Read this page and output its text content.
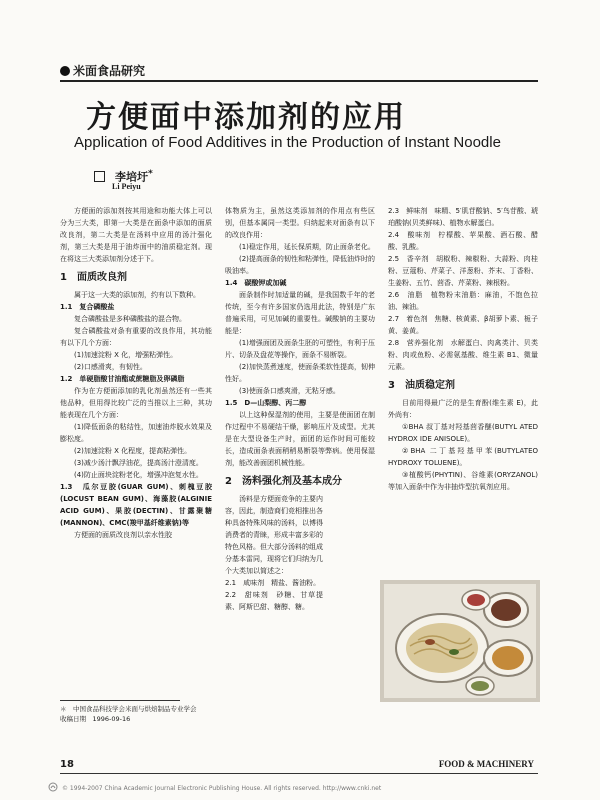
米面食品研究
方便面中添加剂的应用
Application of Food Additives in the Production of Instant Noodle
李培圩*
Li Peiyu

方便面的添加剂按其用途和功能大体上可以分为三大类，即第一大类是在面条中添加的面质改良剂，第二大类是在汤料中应用的汤汁强化剂，第三大类是用于油炸面中的油质稳定剂。现在将这三大类添加剂分述于下。

1　面质改良剂

属于这一大类的添加剂，约有以下数种。

1.1　复合磷酸盐

复合磷酸盐是多种磷酸盐的混合物。

复合磷酸盐对条有重要的改良作用，其功能有以下几个方面：

(1)加速淀粉 X 化，增强粘弹性。

(2)口感滑爽，有韧性。

1.2　单硬脂酸甘油酯或蔗糖脂及卵磷脂

作为在方便面添加的乳化剂虽然还有一些其他品种，但用得比较广泛的当推以上三种，其功能表现在几个方面：

(1)降低面条的粘结性，加速油炸脱水效果及膨松度。

(2)加速淀粉 X 化程度，提高粘弹性。

(3)减少汤汁飘浮油花，提高汤汁澄清度。

(4)防止面块淀粉老化，增强冲泡复水性。

1.3　瓜尔豆胶(GUAR GUM)、刺槐豆胶(LOCUST BEAN GUM)、海藻胶(ALGINIE ACID GUM)、果胶(DECTIN)、甘露聚糖(MANNON)、CMC(羧甲基纤维素钠)等

方便面的面质改良剂以亲水性胶

体物质为主，虽然这类添加剂的作用点有些区别，但基本属同一类型。归纳起来对面条有以下的改良作用：

(1)稳定作用，延长保质期，防止面条老化。

(2)提高面条的韧性和粘弹性，降低油炸时的吸油率。

1.4　碳酸钾或加碱

面条制作时加适量的碱，是我国数千年的老传统，至今有许多国家仍选用此法，特别是广东普遍采用，可见加碱的重要性。碱酸钠的主要功能是：

(1)增强面团及面条生胚的可塑性，有利于压片、切条及盘花等操作，面条不易断裂。

(2)加快蒸煮速度，使面条柔软性提高，韧伸性好。

(3)使面条口感爽滑，无粘牙感。

1.5　D—山梨醇、丙二醇

以上这种保湿剂的使用，主要是使面团在制作过程中不易硬结干燥，影响压片及成型。尤其是在大型设备生产时，面团的运作时间可能较长，造成面条表面稍稍易断裂等弊病。使用保湿剂，能改善面团机械性能。

2　汤料强化剂及基本成分

汤料是方便面竞争的主要内容，因此，制造商们竞相推出各种具备特殊风味的汤料，以博得消费者的青睐，形成丰富多彩的特色风格。但大部分汤料的组成分基本雷同，现将它们归纳为几个大类加以简述之：

2.1　咸味剂　精盐、酱油粉。

2.2　甜味剂　砂糖、甘草提素、阿斯巴甜、糖醇、糖。

2.3　鲜味剂　味精、5′肌苷酸钠、5′鸟苷酸、琥珀酸钠(贝类鲜味)、植物水解蛋白。

2.4　酸味剂　柠檬酸、苹果酸、酒石酸、醋酸、乳酸。

2.5　香辛剂　胡椒粉、辣椒粉、大蒜粉、肉桂粉、豆蔻粉、芹菜子、洋葱粉、芥末、丁香粉、生姜粉、五竹、茴香、芹菜粉、辣根粉。

2.6　油脂　植物粉末油脂：麻油，不饱色拉油、辣油。

2.7　着色剂　焦糖、核黄素、β胡萝卜素、栀子黄、姜黄。

2.8　营养强化剂　水解蛋白、肉禽类汁、贝类粉、肉或鱼粉、必需氨基酸、维生素 B1、微量元素。

3　油质稳定剂

目前用得最广泛的是生育酚(维生素 E)，此外尚有：

①BHA 叔丁基对羟基茴香醚(BUTYL ATED HYDROX IDE ANISOLE)。

②BHA 二丁基羟基甲苯(BUTYLATEO HYDROXY TOLUENE)。

③植酸钙(PHYTIN)、谷维素(ORYZANOL)等加入面条中作为非抽炸型抗氧剂应用。

＊　中国食品科技学会米面与烘焙制品专业学会
收稿日期　1996-09-16
18	FOOD & MACHINERY
© 1994-2007 China Academic Journal Electronic Publishing House. All rights reserved. http://www.cnki.net
